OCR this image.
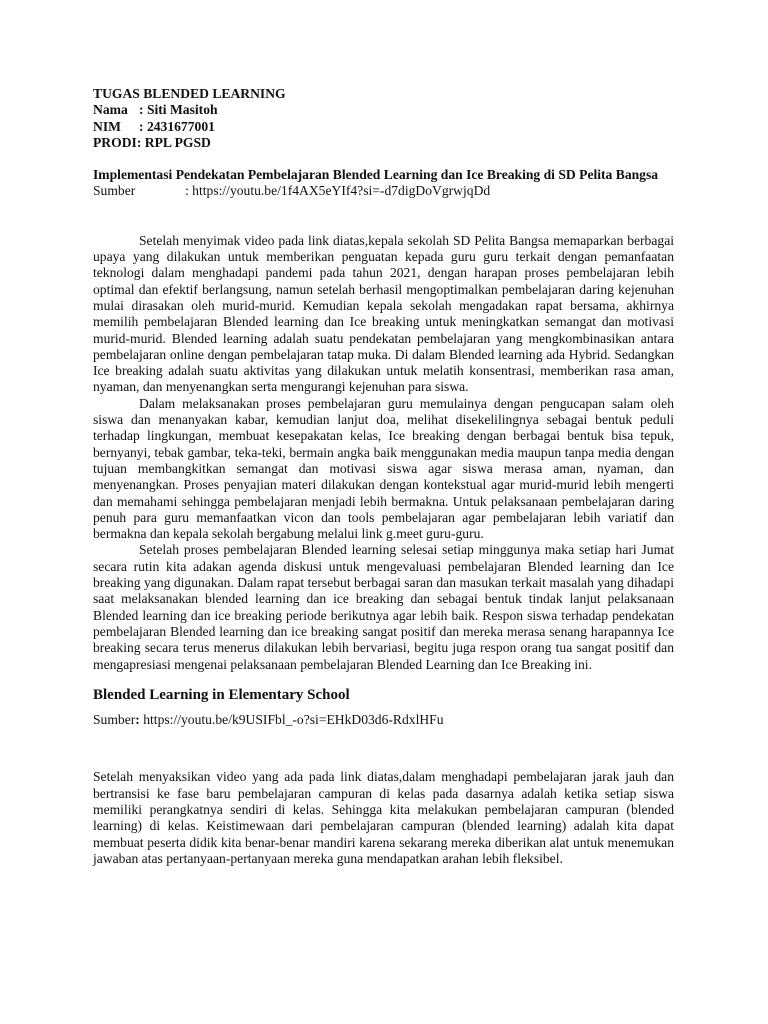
TUGAS BLENDED LEARNING
Nama : Siti Masitoh
NIM	: 2431677001
PRODI : RPL PGSD
Implementasi Pendekatan Pembelajaran Blended Learning dan Ice Breaking di SD Pelita Bangsa
Sumber	: https://youtu.be/1f4AX5eYIf4?si=-d7digDoVgrwjqDd

Setelah menyimak video pada link diatas,kepala sekolah SD Pelita Bangsa memaparkan berbagai upaya yang dilakukan untuk memberikan penguatan kepada guru guru terkait dengan pemanfaatan teknologi dalam menghadapi pandemi pada tahun 2021, dengan harapan proses pembelajaran lebih optimal dan efektif berlangsung, namun setelah berhasil mengoptimalkan pembelajaran daring kejenuhan mulai dirasakan oleh murid-murid. Kemudian kepala sekolah mengadakan rapat bersama, akhirnya memilih pembelajaran Blended learning dan Ice breaking untuk meningkatkan semangat dan motivasi murid-murid. Blended learning adalah suatu pendekatan pembelajaran yang mengkombinasikan antara pembelajaran online dengan pembelajaran tatap muka. Di dalam Blended learning ada Hybrid. Sedangkan Ice breaking adalah suatu aktivitas yang dilakukan untuk melatih konsentrasi, memberikan rasa aman, nyaman, dan menyenangkan serta mengurangi kejenuhan para siswa.

Dalam melaksanakan proses pembelajaran guru memulainya dengan pengucapan salam oleh siswa dan menanyakan kabar, kemudian lanjut doa, melihat disekelilingnya sebagai bentuk peduli terhadap lingkungan, membuat kesepakatan kelas, Ice breaking dengan berbagai bentuk bisa tepuk, bernyanyi, tebak gambar, teka-teki, bermain angka baik menggunakan media maupun tanpa media dengan tujuan membangkitkan semangat dan motivasi siswa agar siswa merasa aman, nyaman, dan menyenangkan. Proses penyajian materi dilakukan dengan kontekstual agar murid-murid lebih mengerti dan memahami sehingga pembelajaran menjadi lebih bermakna. Untuk pelaksanaan pembelajaran daring penuh para guru memanfaatkan vicon dan tools pembelajaran agar pembelajaran lebih variatif dan bermakna dan kepala sekolah bergabung melalui link g.meet guru-guru.

Setelah proses pembelajaran Blended learning selesai setiap minggunya maka setiap hari Jumat secara rutin kita adakan agenda diskusi untuk mengevaluasi pembelajaran Blended learning dan Ice breaking yang digunakan. Dalam rapat tersebut berbagai saran dan masukan terkait masalah yang dihadapi saat melaksanakan blended learning dan ice breaking dan sebagai bentuk tindak lanjut pelaksanaan Blended learning dan ice breaking periode berikutnya agar lebih baik. Respon siswa terhadap pendekatan pembelajaran Blended learning dan ice breaking sangat positif dan mereka merasa senang harapannya Ice breaking secara terus menerus dilakukan lebih bervariasi, begitu juga respon orang tua sangat positif dan mengapresiasi mengenai pelaksanaan pembelajaran Blended Learning dan Ice Breaking ini.

Blended Learning in Elementary School
Sumber: https://youtu.be/k9USIFbl_-o?si=EHkD03d6-RdxlHFu

Setelah menyaksikan video yang ada pada link diatas,dalam menghadapi pembelajaran jarak jauh dan bertransisi ke fase baru pembelajaran campuran di kelas pada dasarnya adalah ketika setiap siswa memiliki perangkatnya sendiri di kelas. Sehingga kita melakukan pembelajaran campuran (blended learning) di kelas. Keistimewaan dari pembelajaran campuran (blended learning) adalah kita dapat membuat peserta didik kita benar-benar mandiri karena sekarang mereka diberikan alat untuk menemukan jawaban atas pertanyaan-pertanyaan mereka guna mendapatkan arahan lebih fleksibel.
